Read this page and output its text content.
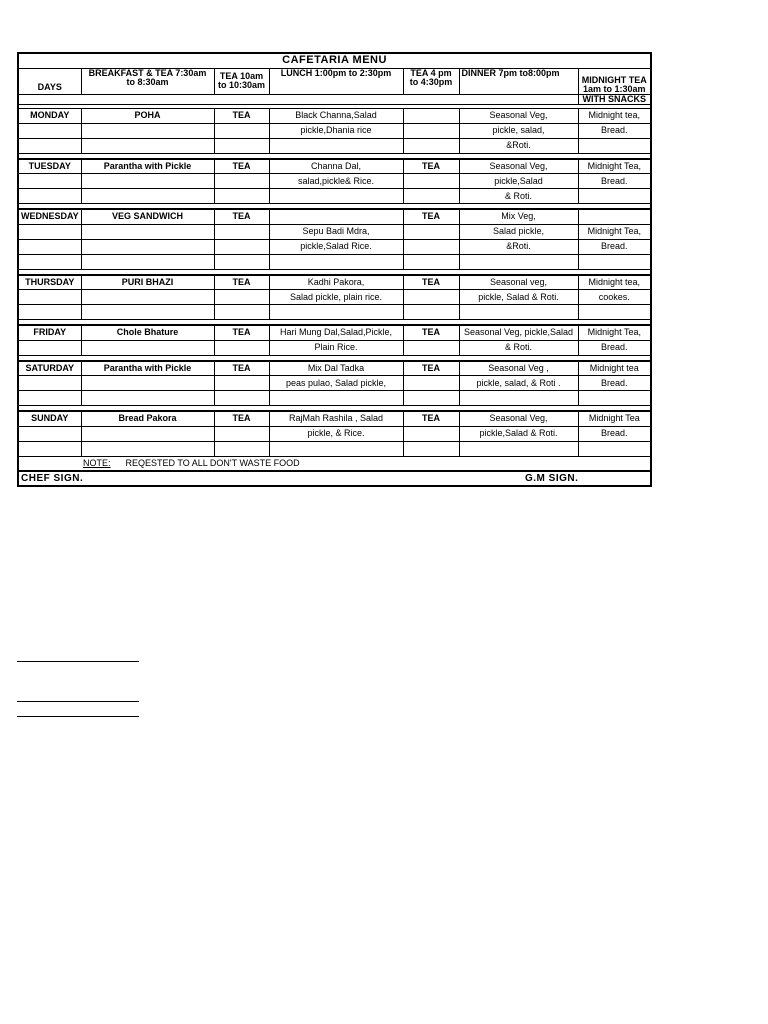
CAFETARIA MENU						
DAYS	BREAKFAST & TEA 7:30am to 8:30am	TEA 10am to 10:30am	LUNCH 1:00pm to 2:30pm	TEA 4 pm to 4:30pm	DINNER 7pm to8:00pm	MIDNIGHT TEA 1am to 1:30am
						WITH SNACKS

MONDAY	POHA	TEA	Black Channa,Salad		Seasonal Veg,	Midnight tea,
			pickle,Dhania rice		pickle, salad,	Bread.
					&Roti.	

TUESDAY	Parantha with Pickle	TEA	Channa Dal,	TEA	Seasonal Veg,	Midnight Tea,
			salad,pickle& Rice.		pickle,Salad	Bread.
					& Roti.	

WEDNESDAY	VEG SANDWICH	TEA		TEA	Mix Veg,	
			Sepu Badi Mdra,		Salad pickle,	Midnight Tea,
			pickle,Salad Rice.		&Roti.	Bread.

THURSDAY	PURI BHAZI	TEA	Kadhi Pakora,	TEA	Seasonal veg,	Midnight tea,
			Salad pickle, plain rice.		pickle, Salad & Roti.	cookes.

FRIDAY	Chole Bhature	TEA	Hari Mung Dal,Salad,Pickle,	TEA	Seasonal Veg, pickle,Salad	Midnight Tea,
			Plain Rice.		& Roti.	Bread.

SATURDAY	Parantha with Pickle	TEA	Mix Dal Tadka	TEA	Seasonal Veg ,	Midnight tea
			peas pulao, Salad pickle,		pickle, salad, & Roti .	Bread.

SUNDAY	Bread Pakora	TEA	RajMah Rashila , Salad	TEA	Seasonal Veg,	Midnight Tea
			pickle, & Rice.		pickle,Salad & Roti.	Bread.

	NOTE: REQESTED TO ALL DON'T WASTE FOOD					
CHEF SIGN.					G.M SIGN.	
